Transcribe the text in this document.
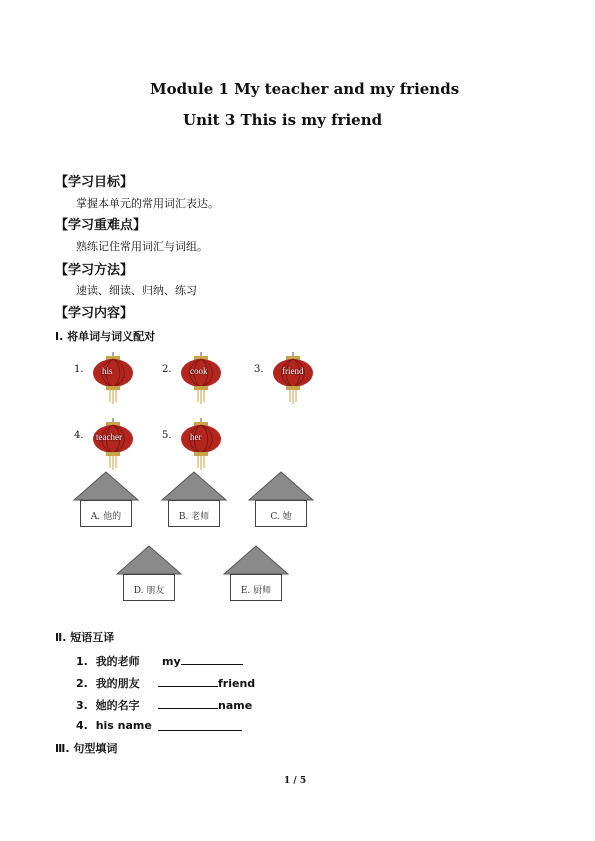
Module 1 My teacher and my friends
Unit 3 This is my friend
【学习目标】
掌握本单元的常用词汇表达。
【学习重难点】
熟练记住常用词汇与词组。
【学习方法】
速读、细读、归纳、练习
【学习内容】
Ⅰ. 将单词与词义配对
1. his	2. cook	3. friend
4. teacher	5. her
A. 他的	B. 老师	C. 她
D. 朋友	E. 厨师
Ⅱ. 短语互译
1. 我的老师 my
2. 我的朋友	friend
3. 她的名字	name
4. his name
Ⅲ. 句型填词
1 / 5
